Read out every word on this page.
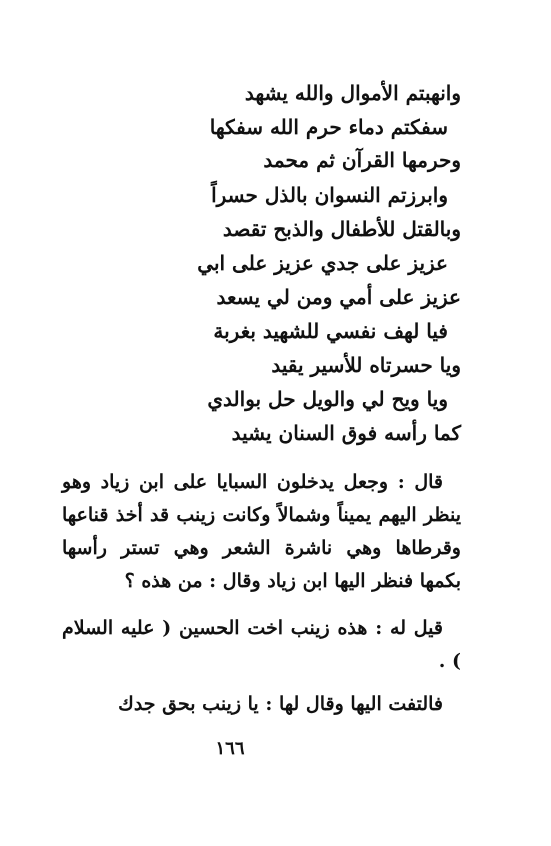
وانهبتم الأموال والله يشهد
سفكتم دماء حرم الله سفكها
وحرمها القرآن ثم محمد
وابرزتم النسوان بالذل حسراً
وبالقتل للأطفال والذبح تقصد
عزيز على جدي عزيز على ابي
عزيز على أمي ومن لي يسعد
فيا لهف نفسي للشهيد بغربة
ويا حسرتاه للأسير يقيد
ويا ويح لي والويل حل بوالدي
كما رأسه فوق السنان يشيد
قال : وجعل يدخلون السبايا على ابن زياد وهو ينظر اليهم يميناً وشمالاً وكانت زينب قد أخذ قناعها وقرطاها وهي ناشرة الشعر وهي تستر رأسها بكمها فنظر اليها ابن زياد وقال : من هذه ؟
قيل له : هذه زينب اخت الحسين ( عليه السلام ) .
فالتفت اليها وقال لها : يا زينب بحق جدك
١٦٦
